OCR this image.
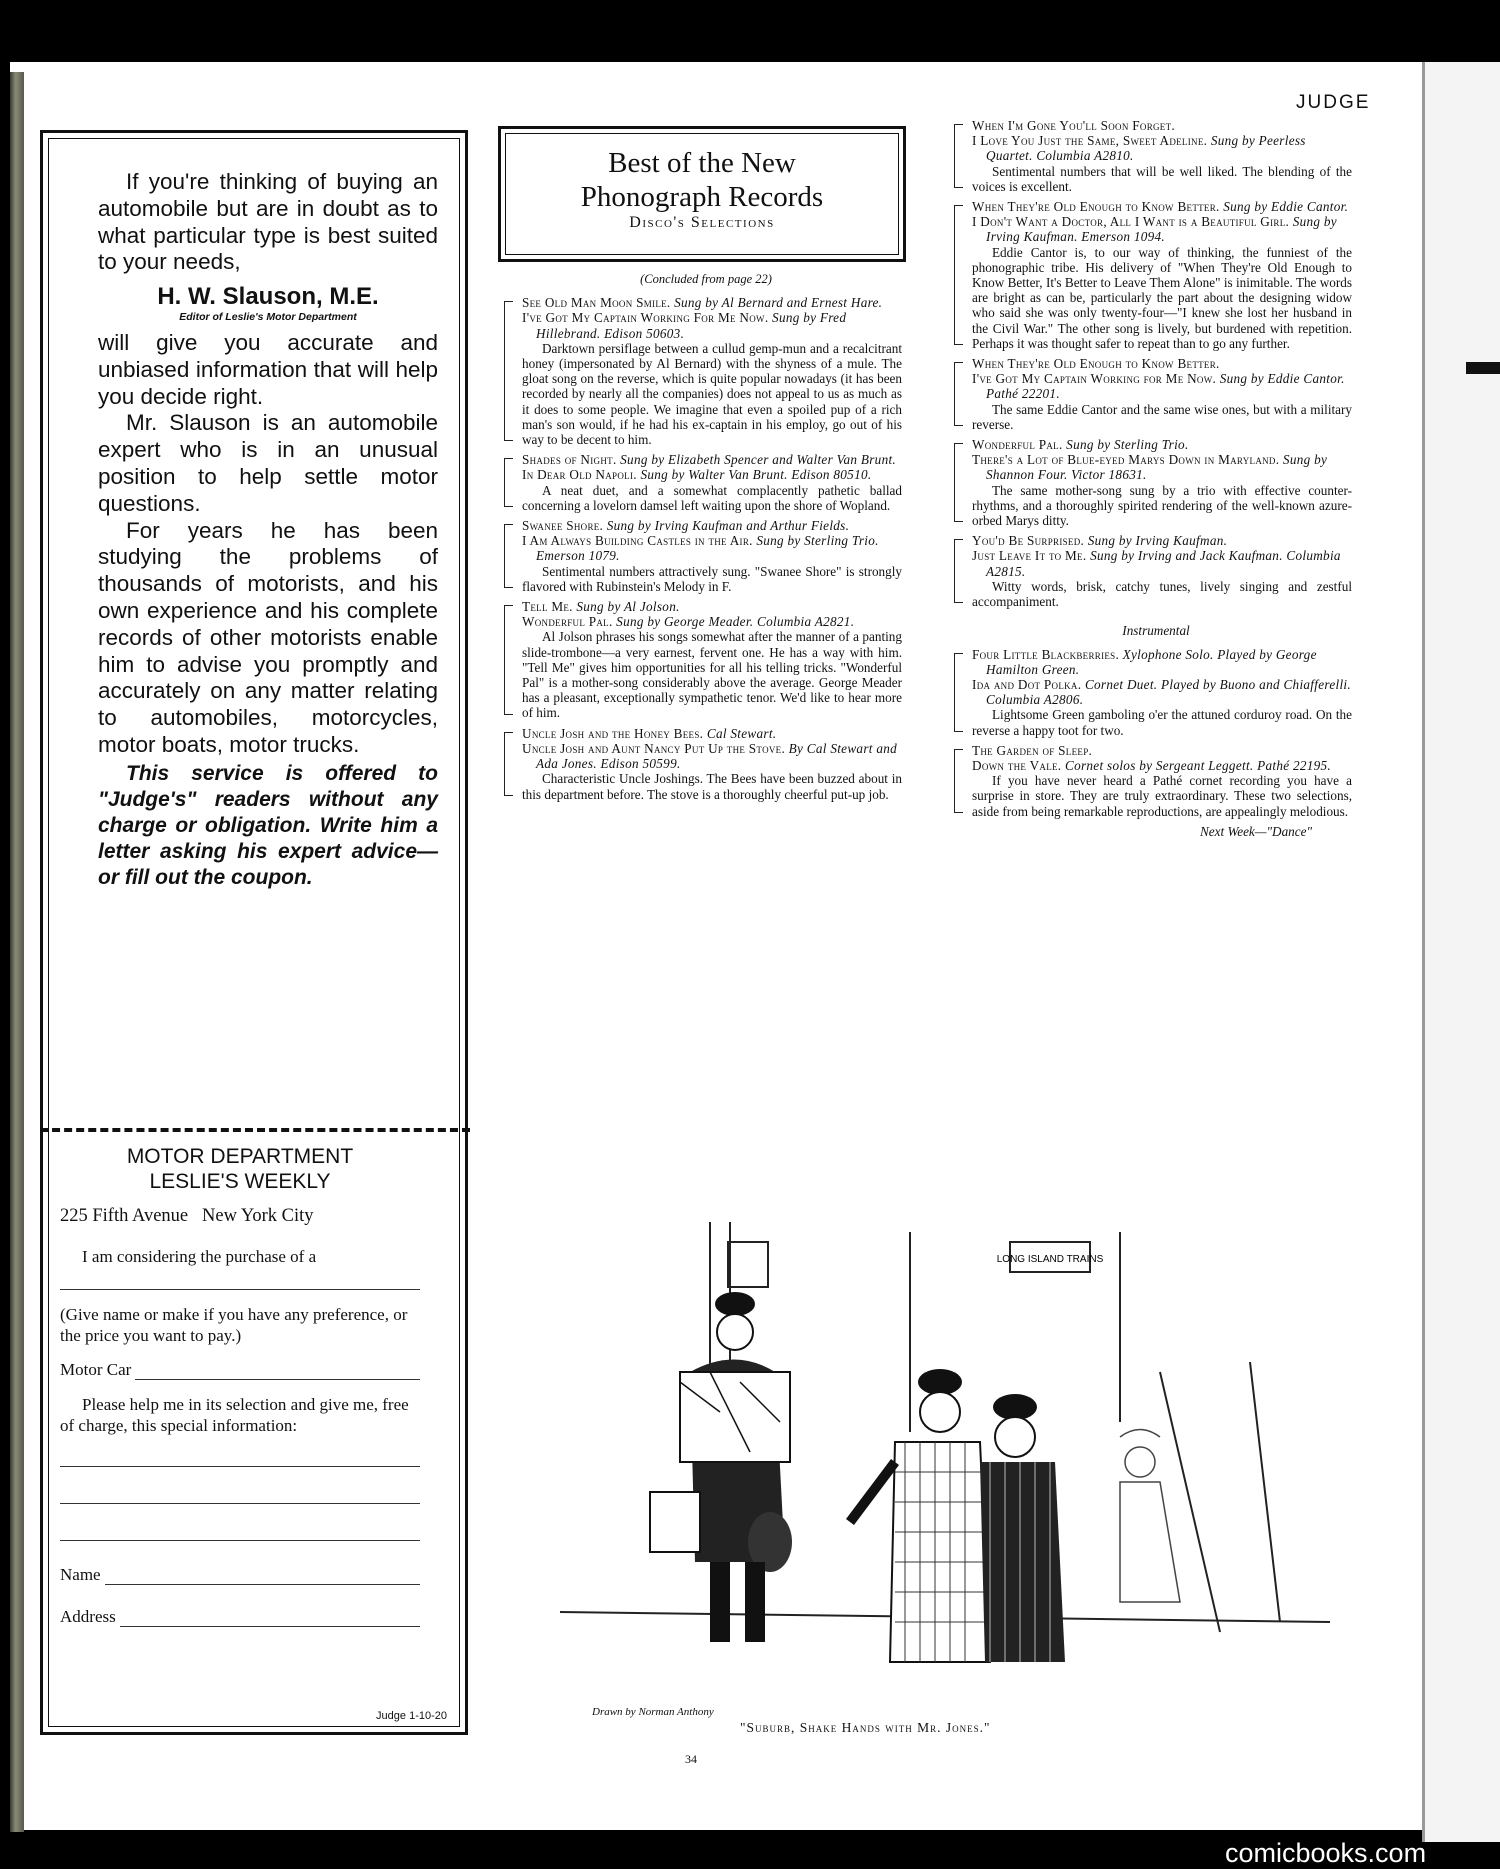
JUDGE

If you're thinking of buying an automobile but are in doubt as to what particular type is best suited to your needs,

H. W. Slauson, M.E.

Editor of Leslie's Motor Department

will give you accurate and unbiased information that will help you decide right.

Mr. Slauson is an automobile expert who is in an unusual position to help settle motor questions.

For years he has been studying the problems of thousands of motorists, and his own experience and his complete records of other motorists enable him to advise you promptly and accurately on any matter relating to automobiles, motorcycles, motor boats, motor trucks.

This service is offered to "Judge's" readers without any charge or obligation. Write him a letter asking his expert advice—or fill out the coupon.

Judge 1-10-20
MOTOR DEPARTMENT
LESLIE'S WEEKLY
225 Fifth Avenue   New York City
I am considering the purchase of a
(Give name or make if you have any preference, or the price you want to pay.)
Motor Car
Please help me in its selection and give me, free of charge, this special information:
Name
Address
Best of the New
Phonograph Records
Disco's Selections
(Concluded from page 22)

See Old Man Moon Smile. Sung by Al Bernard and Ernest Hare.

I've Got My Captain Working For Me Now. Sung by Fred Hillebrand. Edison 50603.

Darktown persiflage between a cullud gemp-mun and a recalcitrant honey (impersonated by Al Bernard) with the shyness of a mule. The gloat song on the reverse, which is quite popular nowadays (it has been recorded by nearly all the companies) does not appeal to us as much as it does to some people. We imagine that even a spoiled pup of a rich man's son would, if he had his ex-captain in his employ, go out of his way to be decent to him.

Shades of Night. Sung by Elizabeth Spencer and Walter Van Brunt.

In Dear Old Napoli. Sung by Walter Van Brunt. Edison 80510.

A neat duet, and a somewhat complacently pathetic ballad concerning a lovelorn damsel left waiting upon the shore of Wopland.

Swanee Shore. Sung by Irving Kaufman and Arthur Fields.

I Am Always Building Castles in the Air. Sung by Sterling Trio. Emerson 1079.

Sentimental numbers attractively sung. "Swanee Shore" is strongly flavored with Rubinstein's Melody in F.

Tell Me. Sung by Al Jolson.

Wonderful Pal. Sung by George Meader. Columbia A2821.

Al Jolson phrases his songs somewhat after the manner of a panting slide-trombone—a very earnest, fervent one. He has a way with him. "Tell Me" gives him opportunities for all his telling tricks. "Wonderful Pal" is a mother-song considerably above the average. George Meader has a pleasant, exceptionally sympathetic tenor. We'd like to hear more of him.

Uncle Josh and the Honey Bees. Cal Stewart.

Uncle Josh and Aunt Nancy Put Up the Stove. By Cal Stewart and Ada Jones. Edison 50599.

Characteristic Uncle Joshings. The Bees have been buzzed about in this department before. The stove is a thoroughly cheerful put-up job.

When I'm Gone You'll Soon Forget.

I Love You Just the Same, Sweet Adeline. Sung by Peerless Quartet. Columbia A2810.

Sentimental numbers that will be well liked. The blending of the voices is excellent.

When They're Old Enough to Know Better. Sung by Eddie Cantor.

I Don't Want a Doctor, All I Want is a Beautiful Girl. Sung by Irving Kaufman. Emerson 1094.

Eddie Cantor is, to our way of thinking, the funniest of the phonographic tribe. His delivery of "When They're Old Enough to Know Better, It's Better to Leave Them Alone" is inimitable. The words are bright as can be, particularly the part about the designing widow who said she was only twenty-four—"I knew she lost her husband in the Civil War." The other song is lively, but burdened with repetition. Perhaps it was thought safer to repeat than to go any further.

When They're Old Enough to Know Better.

I've Got My Captain Working for Me Now. Sung by Eddie Cantor. Pathé 22201.

The same Eddie Cantor and the same wise ones, but with a military reverse.

Wonderful Pal. Sung by Sterling Trio.

There's a Lot of Blue-eyed Marys Down in Maryland. Sung by Shannon Four. Victor 18631.

The same mother-song sung by a trio with effective counter-rhythms, and a thoroughly spirited rendering of the well-known azure-orbed Marys ditty.

You'd Be Surprised. Sung by Irving Kaufman.

Just Leave It to Me. Sung by Irving and Jack Kaufman. Columbia A2815.

Witty words, brisk, catchy tunes, lively singing and zestful accompaniment.

Instrumental

Four Little Blackberries. Xylophone Solo. Played by George Hamilton Green.

Ida and Dot Polka. Cornet Duet. Played by Buono and Chiafferelli. Columbia A2806.

Lightsome Green gamboling o'er the attuned corduroy road. On the reverse a happy toot for two.

The Garden of Sleep.

Down the Vale. Cornet solos by Sergeant Leggett. Pathé 22195.

If you have never heard a Pathé cornet recording you have a surprise in store. They are truly extraordinary. These two selections, aside from being remarkable reproductions, are appealingly melodious.

Next Week—"Dance"
LONG ISLAND TRAINS
Drawn by Norman Anthony
"Suburb, Shake Hands with Mr. Jones."
34
comicbooks.com
